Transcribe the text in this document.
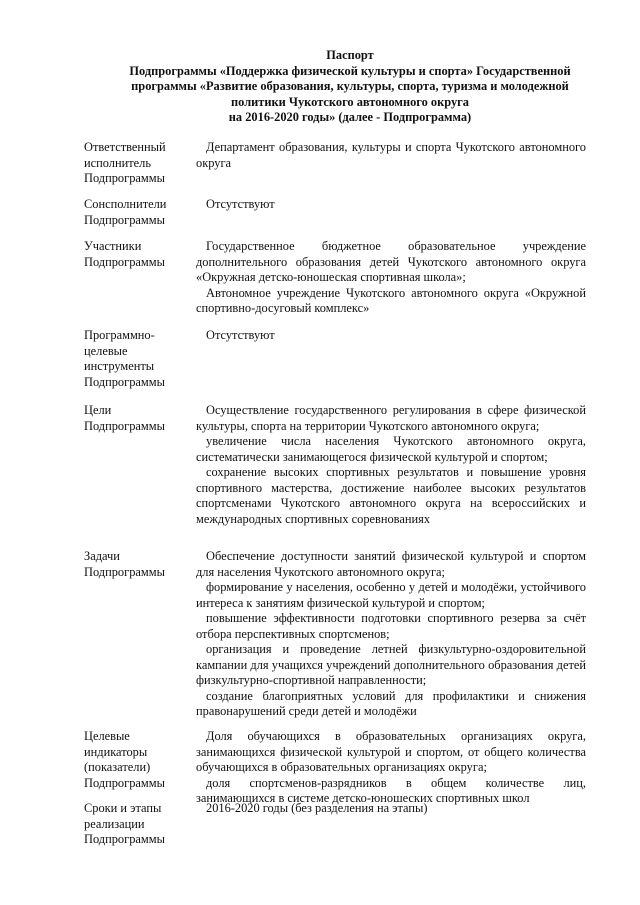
Паспорт
Подпрограммы «Поддержка физической культуры и спорта» Государственной
программы «Развитие образования, культуры, спорта, туризма и молодежной
политики Чукотского автономного округа
на 2016-2020 годы» (далее - Подпрограмма)
Ответственный
исполнитель
Подпрограммы

Департамент образования, культуры и спорта Чукотского автономного округа

Сонсполнители
Подпрограммы

Отсутствуют

Участники
Подпрограммы

Государственное бюджетное образовательное учреждение дополнительного образования детей Чукотского автономного округа «Окружная детско-юношеская спортивная школа»;

Автономное учреждение Чукотского автономного округа «Окружной спортивно-досуговый комплекс»

Программно-
целевые
инструменты
Подпрограммы

Отсутствуют

Цели
Подпрограммы

Осуществление государственного регулирования в сфере физической культуры, спорта на территории Чукотского автономного округа;

увеличение числа населения Чукотского автономного округа, систематически занимающегося физической культурой и спортом;

сохранение высоких спортивных результатов и повышение уровня спортивного мастерства, достижение наиболее высоких результатов спортсменами Чукотского автономного округа на всероссийских и международных спортивных соревнованиях

Задачи
Подпрограммы

Обеспечение доступности занятий физической культурой и спортом для населения Чукотского автономного округа;

формирование у населения, особенно у детей и молодёжи, устойчивого интереса к занятиям физической культурой и спортом;

повышение эффективности подготовки спортивного резерва за счёт отбора перспективных спортсменов;

организация и проведение летней физкультурно-оздоровительной кампании для учащихся учреждений дополнительного образования детей физкультурно-спортивной направленности;

создание благоприятных условий для профилактики и снижения правонарушений среди детей и молодёжи

Целевые
индикаторы
(показатели)
Подпрограммы

Доля обучающихся в образовательных организациях округа, занимающихся физической культурой и спортом, от общего количества обучающихся в образовательных организациях округа;

доля спортсменов-разрядников в общем количестве лиц, занимающихся в системе детско-юношеских спортивных школ

Сроки и этапы
реализации
Подпрограммы

2016-2020 годы (без разделения на этапы)
